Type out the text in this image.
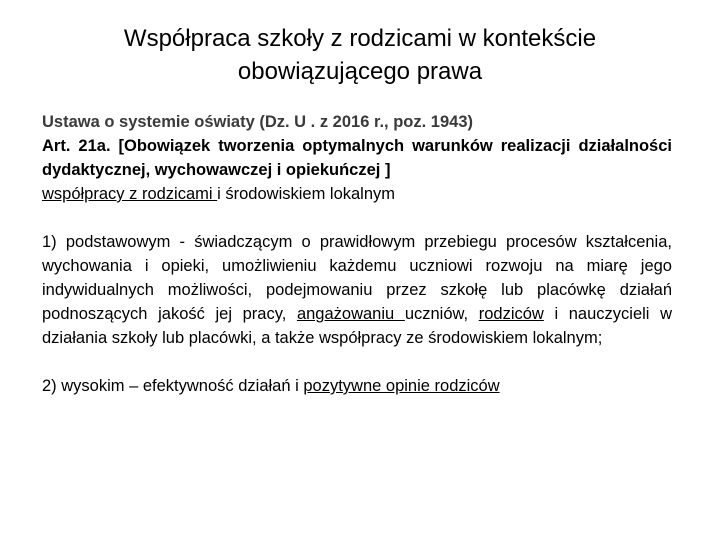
Współpraca szkoły z rodzicami w kontekście
obowiązującego prawa

Ustawa o systemie oświaty (Dz. U . z 2016 r., poz. 1943)

Art. 21a. [Obowiązek tworzenia optymalnych warunków realizacji działalności dydaktycznej, wychowawczej i opiekuńczej ]

współpracy z rodzicami i środowiskiem lokalnym

1) podstawowym - świadczącym o prawidłowym przebiegu procesów kształcenia, wychowania i opieki, umożliwieniu każdemu uczniowi rozwoju na miarę jego indywidualnych możliwości, podejmowaniu przez szkołę lub placówkę działań podnoszących jakość jej pracy, angażowaniu uczniów, rodziców i nauczycieli w działania szkoły lub placówki, a także współpracy ze środowiskiem lokalnym;

2) wysokim – efektywność działań i pozytywne opinie rodziców
